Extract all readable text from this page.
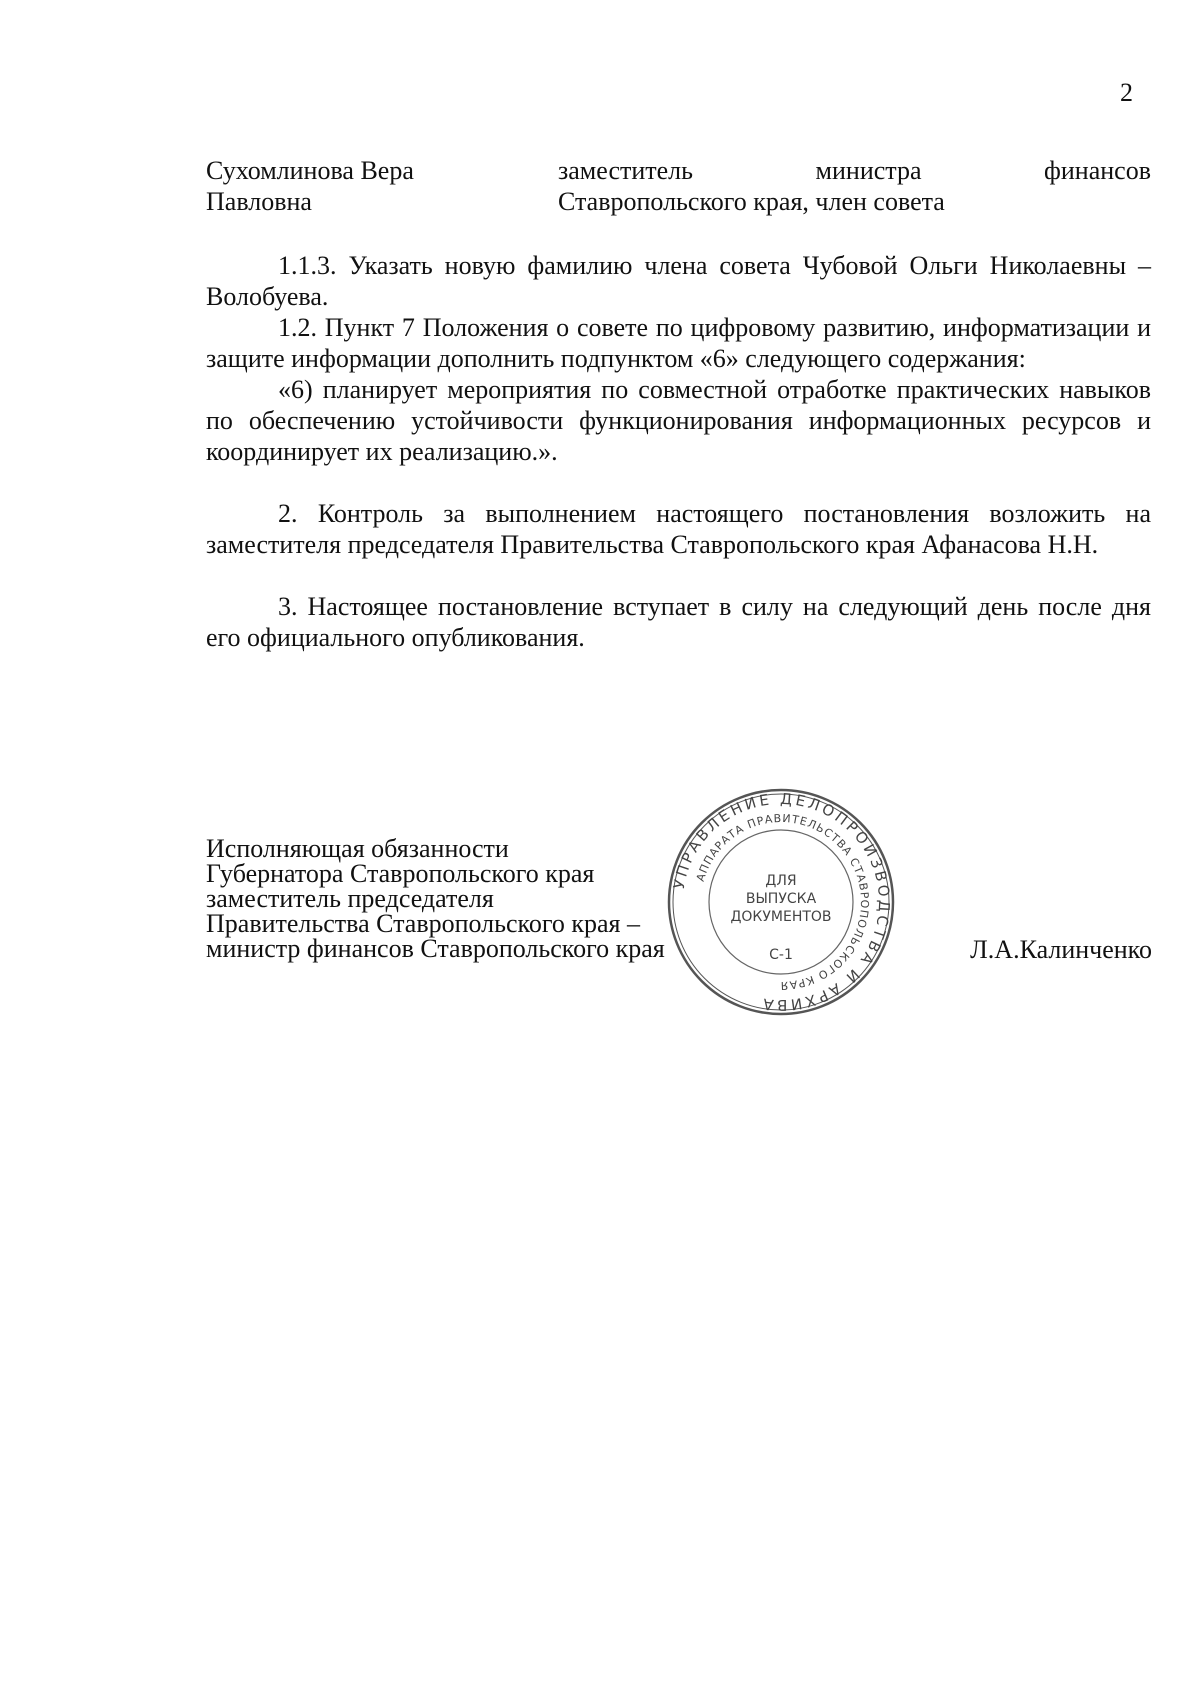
2
Сухомлинова Вера
Павловна
заместитель министра финансов
Ставропольского края, член совета

1.1.3. Указать новую фамилию члена совета Чубовой Ольги Николаевны – Волобуева.

1.2. Пункт 7 Положения о совете по цифровому развитию, информатизации и защите информации дополнить подпунктом «6» следующего содержания:

«6) планирует мероприятия по совместной отработке практических навыков по обеспечению устойчивости функционирования информационных ресурсов и координирует их реализацию.».

2. Контроль за выполнением настоящего постановления возложить на заместителя председателя Правительства Ставропольского края Афанасова Н.Н.

3. Настоящее постановление вступает в силу на следующий день после дня его официального опубликования.

Исполняющая обязанности
Губернатора Ставропольского края
заместитель председателя
Правительства Ставропольского края –
министр финансов Ставропольского края	Л.А.Калинченко
УПРАВЛЕНИЕ ДЕЛОПРОИЗВОДСТВА И АРХИВА
АППАРАТА ПРАВИТЕЛЬСТВА СТАВРОПОЛЬСКОГО КРАЯ
ДЛЯ
ВЫПУСКА
ДОКУМЕНТОВ
С-1
